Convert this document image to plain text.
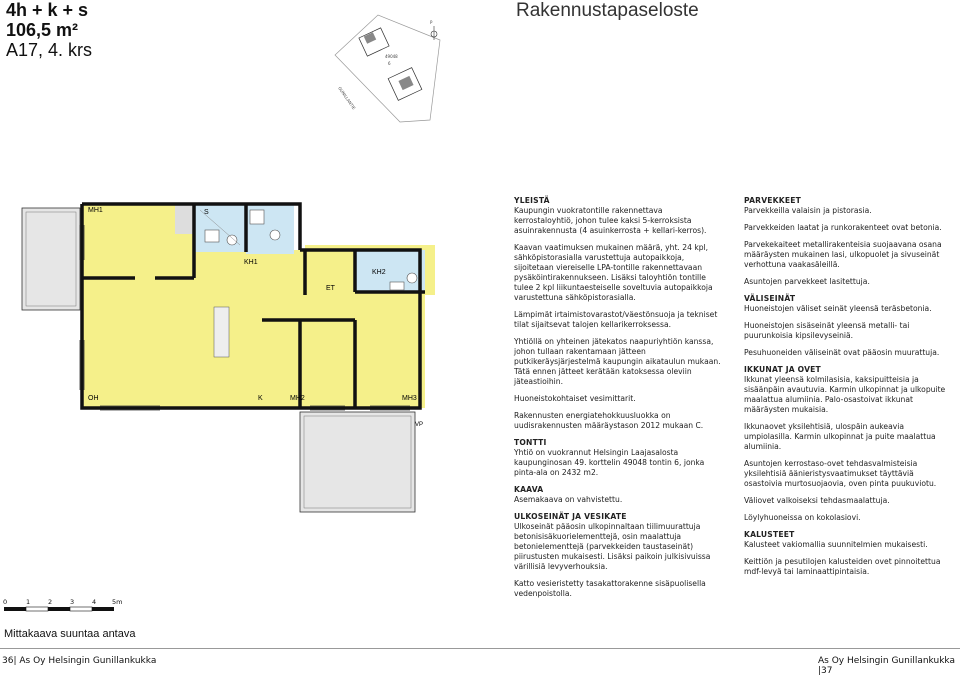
4h + k + s
106,5 m²
A17, 4. krs
Rakennustapaseloste
GUNILLANTIE
49048
6
P
MH1	S
KH1
KH2
ET
OH	K	MH2	MH3
VP
0	1	2	3	4 5m
Mittakaava suuntaa antava
YLEISTÄ

Kaupungin vuokratontille rakennettava kerrostaloyhtiö, johon tulee kaksi 5-kerroksista asuinrakennusta (4 asuinkerrosta + kellari-kerros).

Kaavan vaatimuksen mukainen määrä, yht. 24 kpl, sähköpistorasialla varustettuja autopaikkoja, sijoitetaan viereiselle LPA-tontille rakennettavaan pysäköintirakennukseen. Lisäksi taloyhtiön tontille tulee 2 kpl liikuntaesteiselle soveltuvia autopaikkoja varustettuna sähköpistorasialla.

Lämpimät irtaimistovarastot/väestönsuoja ja tekniset tilat sijaitsevat talojen kellarikerroksessa.

Yhtiöllä on yhteinen jätekatos naapuriyhtiön kanssa, johon tullaan rakentamaan jätteen putkikeräysjärjestelmä kaupungin aikataulun mukaan. Tätä ennen jätteet kerätään katoksessa oleviin jäteastioihin.

Huoneistokohtaiset vesimittarit.

Rakennusten energiatehokkuusluokka on uudisrakennusten määräystason 2012 mukaan C.

TONTTI

Yhtiö on vuokrannut Helsingin Laajasalosta kaupunginosan 49. korttelin 49048 tontin 6, jonka pinta-ala on 2432 m2.

KAAVA

Asemakaava on vahvistettu.

ULKOSEINÄT JA VESIKATE

Ulkoseinät pääosin ulkopinnaltaan tiilimuurattuja betonisisäkuorielementtejä, osin maalattuja betonielementtejä (parvekkeiden taustaseinät) piirustusten mukaisesti. Lisäksi paikoin julkisivuissa värillisiä levyverhouksia.

Katto vesieristetty tasakattorakenne sisäpuolisella vedenpoistolla.

PARVEKKEET

Parvekkeilla valaisin ja pistorasia.

Parvekkeiden laatat ja runkorakenteet ovat betonia.

Parvekekaiteet metallirakenteisia suojaavana osana määräysten mukainen lasi, ulkopuolet ja sivuseinät verhottuna vaakasäleillä.

Asuntojen parvekkeet lasitettuja.

VÄLISEINÄT

Huoneistojen väliset seinät yleensä teräsbetonia.

Huoneistojen sisäseinät yleensä metalli- tai puurunkoisia kipsilevyseiniä.

Pesuhuoneiden väliseinät ovat pääosin muurattuja.

IKKUNAT JA OVET

Ikkunat yleensä kolmilasisia, kaksipuitteisia ja sisäänpäin avautuvia. Karmin ulkopinnat ja ulkopuite maalattua alumiinia. Palo-osastoivat ikkunat määräysten mukaisia.

Ikkunaovet yksilehtisiä, ulospäin aukeavia umpiolasilla. Karmin ulkopinnat ja puite maalattua alumiinia.

Asuntojen kerrostaso-ovet tehdasvalmisteisia yksilehtisiä äänieristysvaatimukset täyttäviä osastoivia murtosuojaovia, oven pinta puukuviotu.

Väliovet valkoiseksi tehdasmaalattuja.

Löylyhuoneissa on kokolasiovi.

KALUSTEET

Kalusteet vakiomallia suunnitelmien mukaisesti.

Keittiön ja pesutilojen kalusteiden ovet pinnoitettua mdf-levyä tai laminaattipintaisia.

36| As Oy Helsingin Gunillankukka	As Oy Helsingin Gunillankukka |37
